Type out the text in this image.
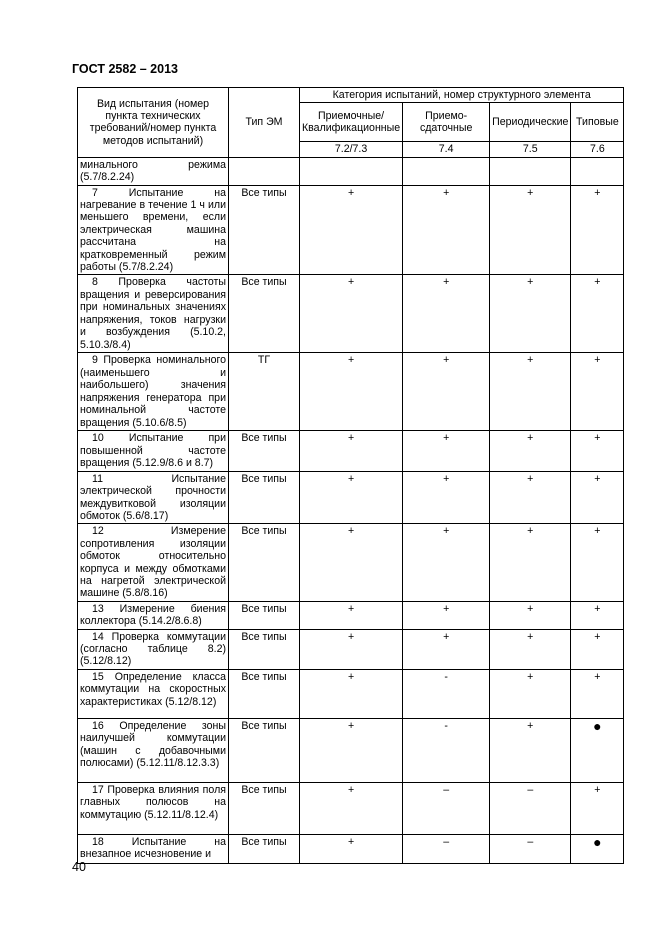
ГОСТ 2582 – 2013
Вид испытания (номер пункта технических требований/номер пункта методов испытаний)	Тип ЭМ	Категория испытаний, номер структурного элемента			
		Приемочные/Квалификационные	Приемо-сдаточные	Периодические	Типовые
		7.2/7.3	7.4	7.5	7.6
минального режима (5.7/8.2.24)					

7 Испытание на нагревание в течение 1 ч или меньшего времени, если электрическая машина рассчитана на кратковременный режим работы (5.7/8.2.24)	Все типы	+	+	+	+

8 Проверка частоты вращения и реверсирования при номинальных значениях напряжения, токов нагрузки и возбуждения (5.10.2, 5.10.3/8.4)	Все типы	+	+	+	+

9 Проверка номинального (наименьшего и наибольшего) значения напряжения генератора при номинальной частоте вращения (5.10.6/8.5)	ТГ	+	+	+	+

10 Испытание при повышенной частоте вращения (5.12.9/8.6 и 8.7)	Все типы	+	+	+	+

11 Испытание электрической прочности междувитковой изоляции обмоток (5.6/8.17)	Все типы	+	+	+	+

12 Измерение сопротивления изоляции обмоток относительно корпуса и между обмотками на нагретой электрической машине (5.8/8.16)	Все типы	+	+	+	+

13 Измерение биения коллектора (5.14.2/8.6.8)	Все типы	+	+	+	+

14 Проверка коммутации (согласно таблице 8.2) (5.12/8.12)	Все типы	+	+	+	+

15 Определение класса коммутации на скоростных характеристиках (5.12/8.12)	Все типы	+	-	+	+

16 Определение зоны наилучшей коммутации (машин с добавочными полюсами) (5.12.11/8.12.3.3)	Все типы	+	-	+	●

17 Проверка влияния поля главных полюсов на коммутацию (5.12.11/8.12.4)	Все типы	+	–	–	+

18 Испытание на внезапное исчезновение и	Все типы	+	–	–	●
40
